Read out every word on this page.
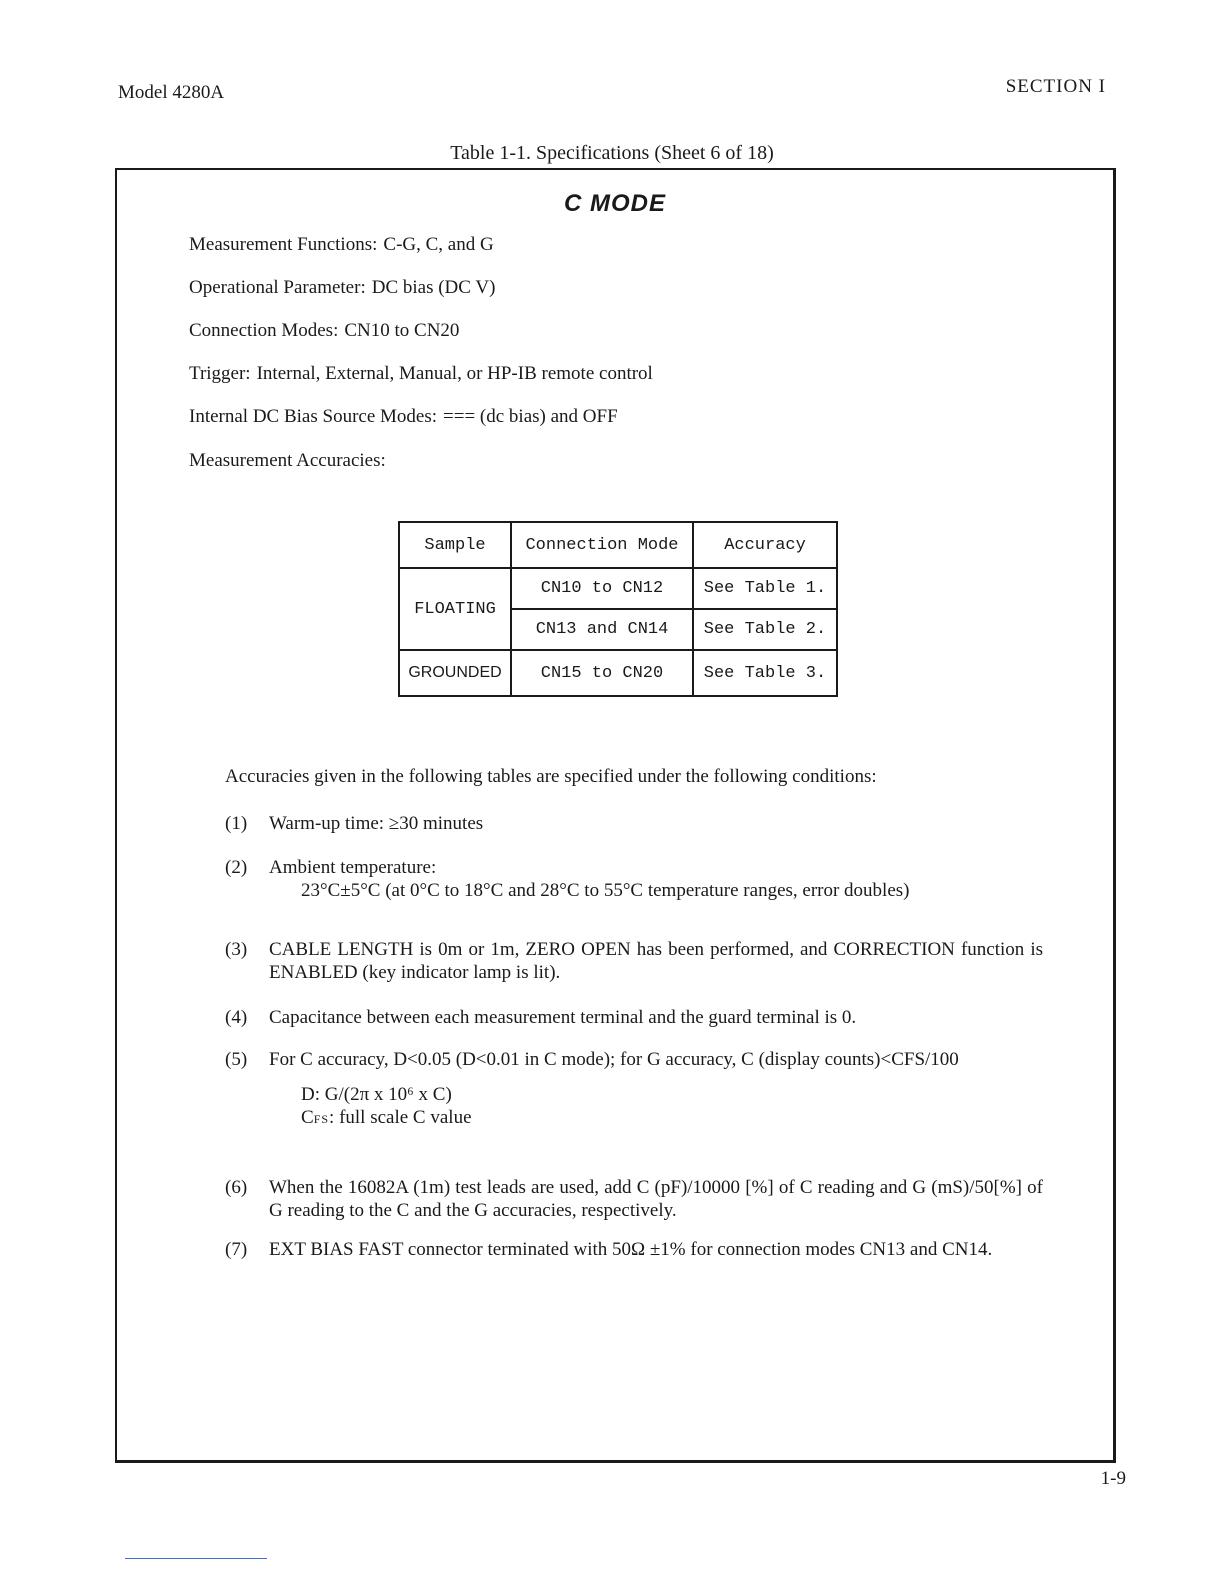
Model 4280A	SECTION I
Table 1-1. Specifications (Sheet 6 of 18)
C MODE
Measurement Functions: C-G, C, and G
Operational Parameter: DC bias (DC V)
Connection Modes: CN10 to CN20
Trigger: Internal, External, Manual, or HP-IB remote control
Internal DC Bias Source Modes: === (dc bias) and OFF
Measurement Accuracies:
Sample	Connection Mode	Accuracy
FLOATING	CN10 to CN12	See Table 1.
	CN13 and CN14	See Table 2.
GROUNDED	CN15 to CN20	See Table 3.
Accuracies given in the following tables are specified under the following conditions:
(1)	Warm-up time: ≥30 minutes
(2)	Ambient temperature:
23°C±5°C (at 0°C to 18°C and 28°C to 55°C temperature ranges, error doubles)
(3)	CABLE LENGTH is 0m or 1m, ZERO OPEN has been performed, and CORRECTION function is ENABLED (key indicator lamp is lit).
(4)	Capacitance between each measurement terminal and the guard terminal is 0.
(5)	For C accuracy, D<0.05 (D<0.01 in C mode); for G accuracy, C (display counts)<CFS/100
D: G/(2π x 10⁶ x C)
CFS: full scale C value
(6)	When the 16082A (1m) test leads are used, add C (pF)/10000 [%] of C reading and G (mS)/50[%] of G reading to the C and the G accuracies, respectively.
(7)	EXT BIAS FAST connector terminated with 50Ω ±1% for connection modes CN13 and CN14.
1-9
